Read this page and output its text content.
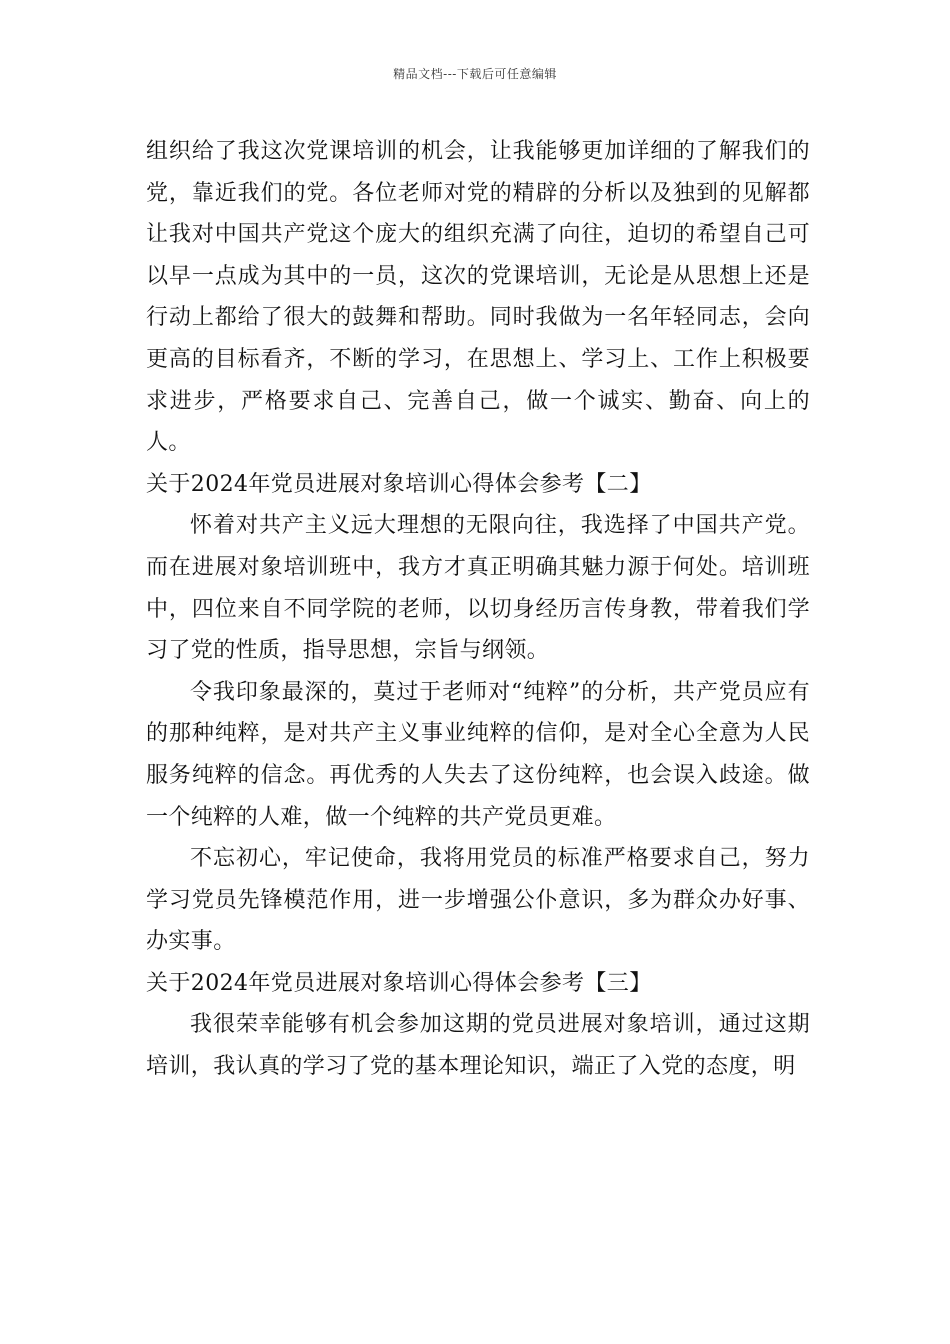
精品文档---下载后可任意编辑

组织给了我这次党课培训的机会，让我能够更加详细的了解我们的党，靠近我们的党。各位老师对党的精辟的分析以及独到的见解都让我对中国共产党这个庞大的组织充满了向往，迫切的希望自己可以早一点成为其中的一员，这次的党课培训，无论是从思想上还是行动上都给了很大的鼓舞和帮助。同时我做为一名年轻同志，会向更高的目标看齐，不断的学习，在思想上、学习上、工作上积极要求进步，严格要求自己、完善自己，做一个诚实、勤奋、向上的人。

关于2024年党员进展对象培训心得体会参考【二】

怀着对共产主义远大理想的无限向往，我选择了中国共产党。而在进展对象培训班中，我方才真正明确其魅力源于何处。培训班中，四位来自不同学院的老师，以切身经历言传身教，带着我们学习了党的性质，指导思想，宗旨与纲领。

令我印象最深的，莫过于老师对“纯粹”的分析，共产党员应有的那种纯粹，是对共产主义事业纯粹的信仰，是对全心全意为人民服务纯粹的信念。再优秀的人失去了这份纯粹，也会误入歧途。做一个纯粹的人难，做一个纯粹的共产党员更难。

不忘初心，牢记使命，我将用党员的标准严格要求自己，努力学习党员先锋模范作用，进一步增强公仆意识，多为群众办好事、办实事。

关于2024年党员进展对象培训心得体会参考【三】

我很荣幸能够有机会参加这期的党员进展对象培训，通过这期培训，我认真的学习了党的基本理论知识，端正了入党的态度，明
